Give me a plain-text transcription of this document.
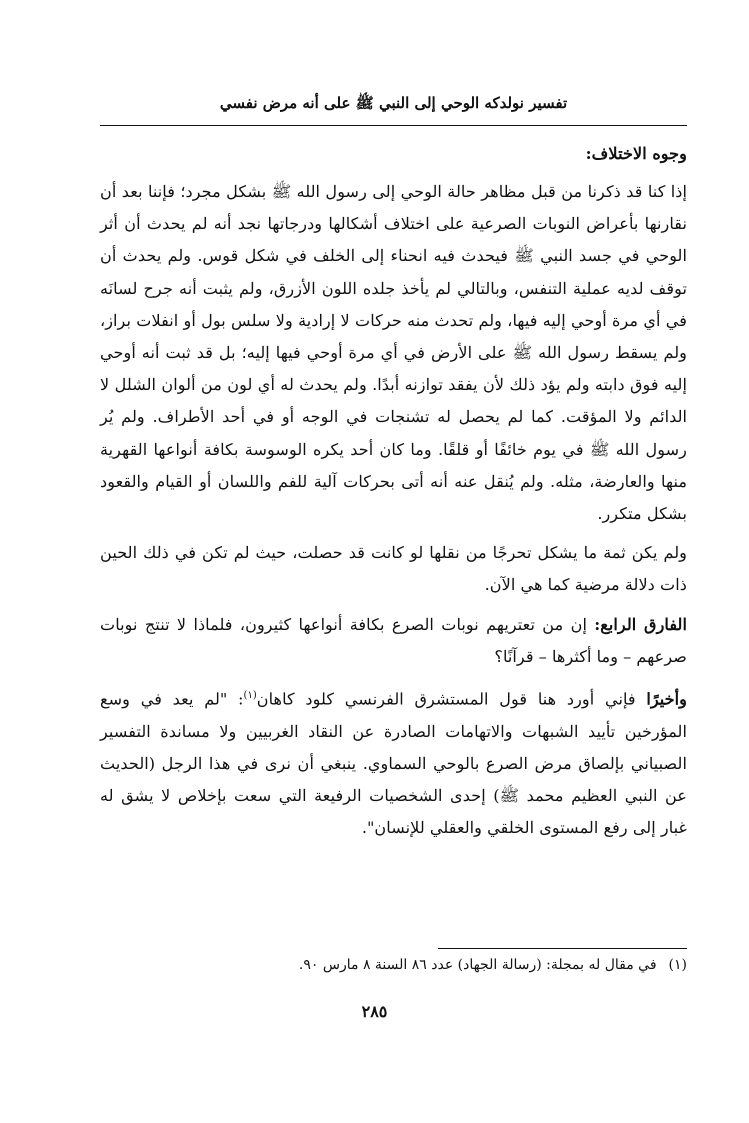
تفسير نولدكه الوحي إلى النبي ﷺ على أنه مرض نفسي
وجوه الاختلاف:

إذا كنا قد ذكرنا من قبل مظاهر حالة الوحي إلى رسول الله ﷺ بشكل مجرد؛ فإننا بعد أن نقارنها بأعراض النوبات الصرعية على اختلاف أشكالها ودرجاتها نجد أنه لم يحدث أن أثر الوحي في جسد النبي ﷺ فيحدث فيه انحناء إلى الخلف في شكل قوس. ولم يحدث أن توقف لديه عملية التنفس، وبالتالي لم يأخذ جلده اللون الأزرق، ولم يثبت أنه جرح لسانَه في أي مرة أوحي إليه فيها، ولم تحدث منه حركات لا إرادية ولا سلس بول أو انفلات براز، ولم يسقط رسول الله ﷺ على الأرض في أي مرة أوحي فيها إليه؛ بل قد ثبت أنه أوحي إليه فوق دابته ولم يؤد ذلك لأن يفقد توازنه أبدًا. ولم يحدث له أي لون من ألوان الشلل لا الدائم ولا المؤقت. كما لم يحصل له تشنجات في الوجه أو في أحد الأطراف. ولم يُر رسول الله ﷺ في يوم خائفًا أو قلقًا. وما كان أحد يكره الوسوسة بكافة أنواعها القهرية منها والعارضة، مثله. ولم يُنقل عنه أنه أتى بحركات آلية للفم واللسان أو القيام والقعود بشكل متكرر.

ولم يكن ثمة ما يشكل تحرجًا من نقلها لو كانت قد حصلت، حيث لم تكن في ذلك الحين ذات دلالة مرضية كما هي الآن.

الفارق الرابع: إن من تعتريهم نوبات الصرع بكافة أنواعها كثيرون، فلماذا لا تنتج نوبات صرعهم – وما أكثرها – قرآنًا؟

وأخيرًا فإني أورد هنا قول المستشرق الفرنسي كلود كاهان$^{(١)}$: "لم يعد في وسع المؤرخين تأييد الشبهات والاتهامات الصادرة عن النقاد الغربيين ولا مساندة التفسير الصبياني بإلصاق مرض الصرع بالوحي السماوي. ينبغي أن نرى في هذا الرجل (الحديث عن النبي العظيم محمد ﷺ) إحدى الشخصيات الرفيعة التي سعت بإخلاص لا يشق له غبار إلى رفع المستوى الخلقي والعقلي للإنسان".

(١)في مقال له بمجلة: (رسالة الجهاد) عدد ٨٦ السنة ٨ مارس ٩٠.
٢٨٥
